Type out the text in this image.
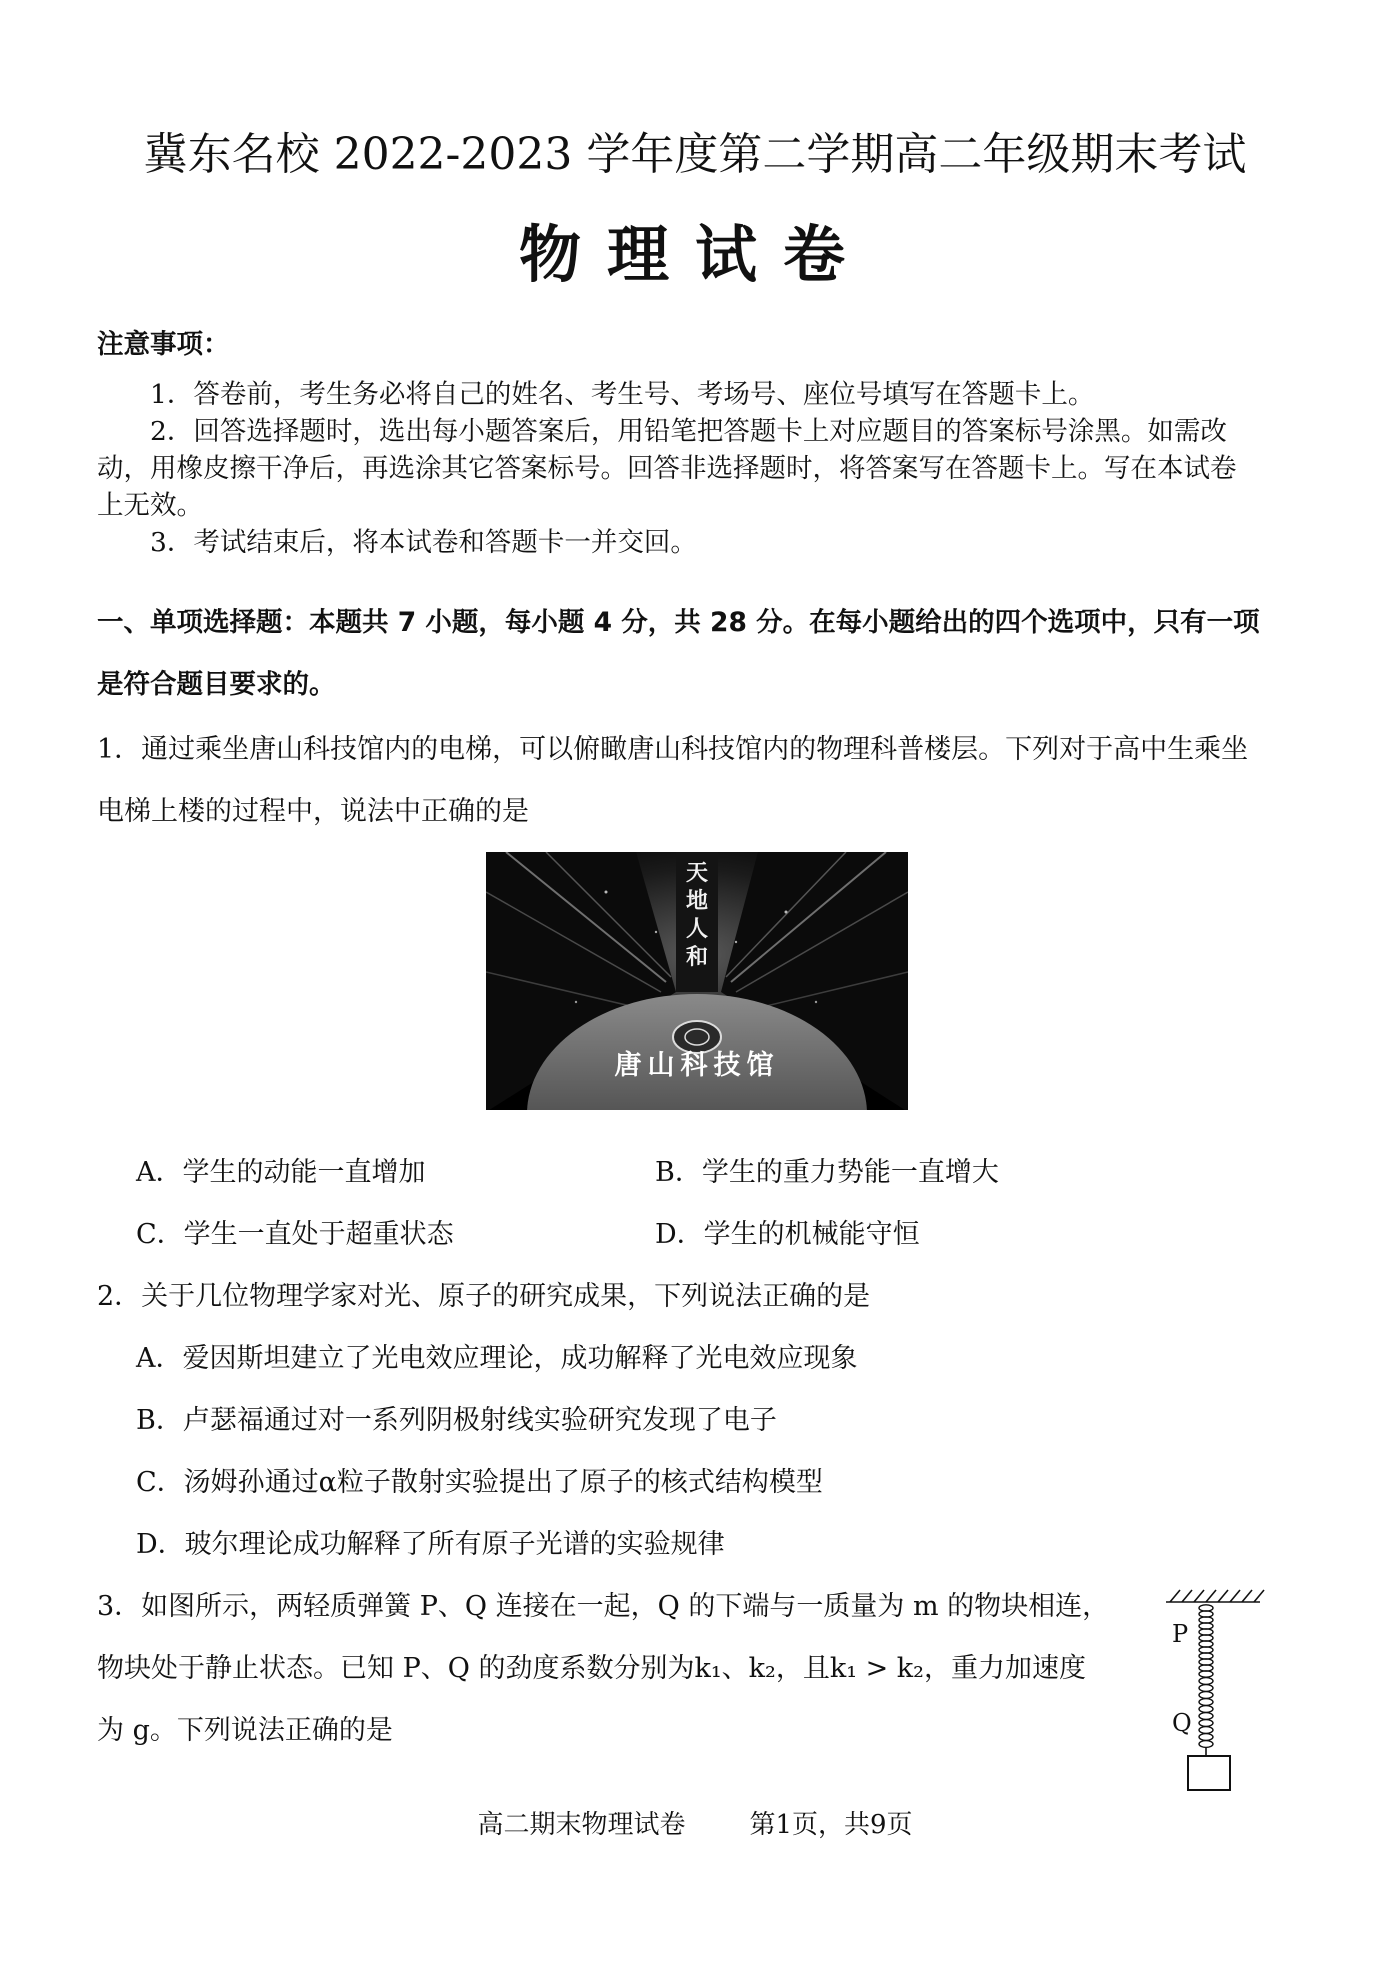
冀东名校 2022-2023 学年度第二学期高二年级期末考试
物理试卷
注意事项：
1．答卷前，考生务必将自己的姓名、考生号、考场号、座位号填写在答题卡上。
2．回答选择题时，选出每小题答案后，用铅笔把答题卡上对应题目的答案标号涂黑。如需改
动，用橡皮擦干净后，再选涂其它答案标号。回答非选择题时，将答案写在答题卡上。写在本试卷
上无效。
3．考试结束后，将本试卷和答题卡一并交回。
一、单项选择题：本题共 7 小题，每小题 4 分，共 28 分。在每小题给出的四个选项中，只有一项
是符合题目要求的。
1．通过乘坐唐山科技馆内的电梯，可以俯瞰唐山科技馆内的物理科普楼层。下列对于高中生乘坐
电梯上楼的过程中，说法中正确的是
天
地
人
和
唐山科技馆
A．学生的动能一直增加	B．学生的重力势能一直增大
C．学生一直处于超重状态	D．学生的机械能守恒
2．关于几位物理学家对光、原子的研究成果，下列说法正确的是
A．爱因斯坦建立了光电效应理论，成功解释了光电效应现象
B．卢瑟福通过对一系列阴极射线实验研究发现了电子
C．汤姆孙通过α粒子散射实验提出了原子的核式结构模型
D．玻尔理论成功解释了所有原子光谱的实验规律
3．如图所示，两轻质弹簧 P、Q 连接在一起，Q 的下端与一质量为 m 的物块相连，
物块处于静止状态。已知 P、Q 的劲度系数分别为k₁、k₂，且k₁ > k₂，重力加速度
为 g。下列说法正确的是
P
Q
高二期末物理试卷 第1页，共9页
